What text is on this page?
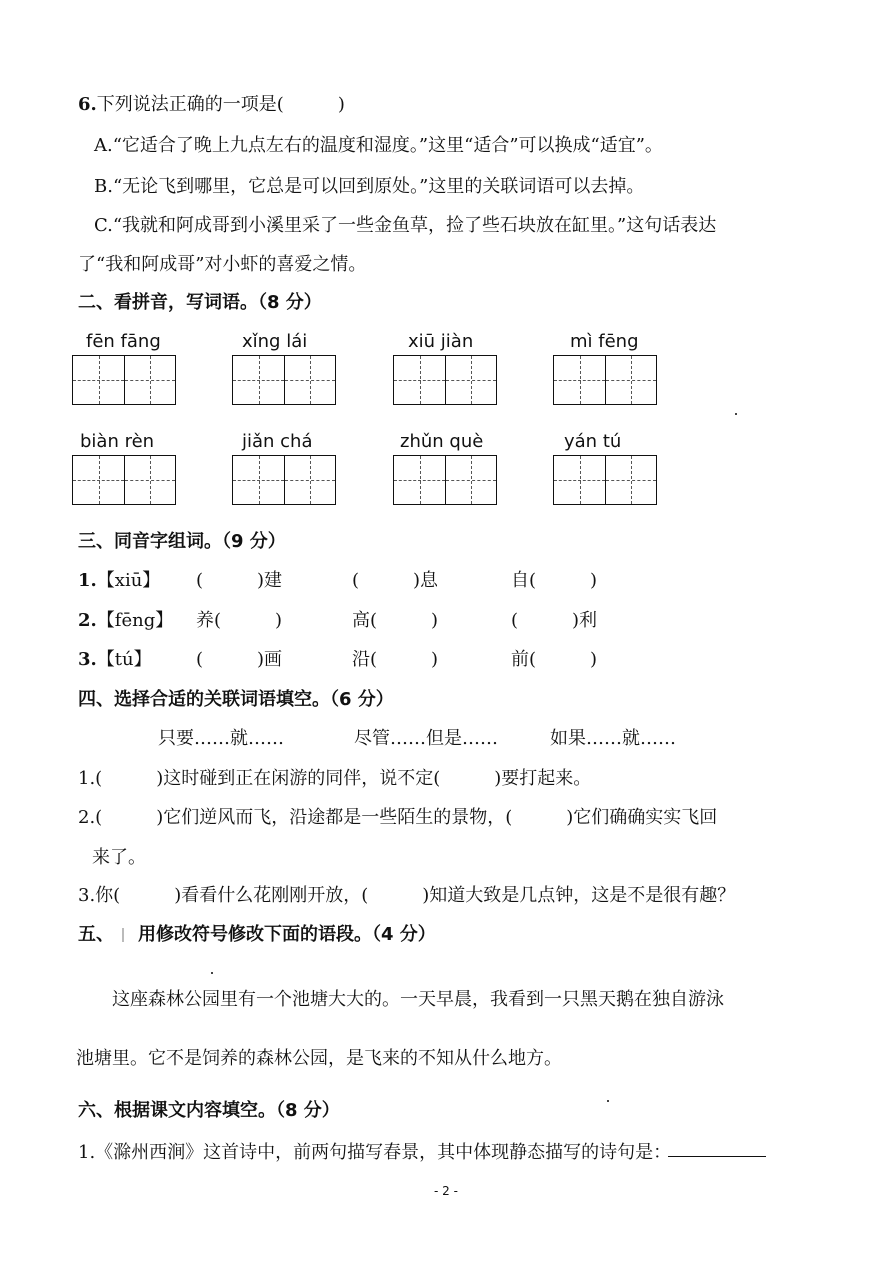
6.下列说法正确的一项是(　　　)
A.“它适合了晚上九点左右的温度和湿度。”这里“适合”可以换成“适宜”。
B.“无论飞到哪里，它总是可以回到原处。”这里的关联词语可以去掉。
C.“我就和阿成哥到小溪里采了一些金鱼草，捡了些石块放在缸里。”这句话表达
了“我和阿成哥”对小虾的喜爱之情。
二、看拼音，写词语。（8 分）
fēn fāng	xǐng lái	xiū jiàn	mì fēng
biàn rèn	jiǎn chá	zhǔn què	yán tú
三、同音字组词。（9 分）
1.【xiū】 (　　　)建	(　　　)息	自(　　　)
2.【fēng】 养(　　　)	高(　　　)	(　　　)利
3.【tú】 (　　　)画	沿(　　　)	前(　　　)
四、选择合适的关联词语填空。（6 分）
只要……就……	尽管……但是……	如果……就……
1.(　　　)这时碰到正在闲游的同伴，说不定(　　　)要打起来。
2.(　　　)它们逆风而飞，沿途都是一些陌生的景物，(　　　)它们确确实实飞回
来了。
3.你(　　　)看看什么花刚刚开放，(　　　)知道大致是几点钟，这是不是很有趣？
五、 用修改符号修改下面的语段。（4 分）
这座森林公园里有一个池塘大大的。一天早晨，我看到一只黑天鹅在独自游泳
池塘里。它不是饲养的森林公园，是飞来的不知从什么地方。
六、根据课文内容填空。（8 分）
1.《滁州西涧》这首诗中，前两句描写春景，其中体现静态描写的诗句是：
- 2 -
